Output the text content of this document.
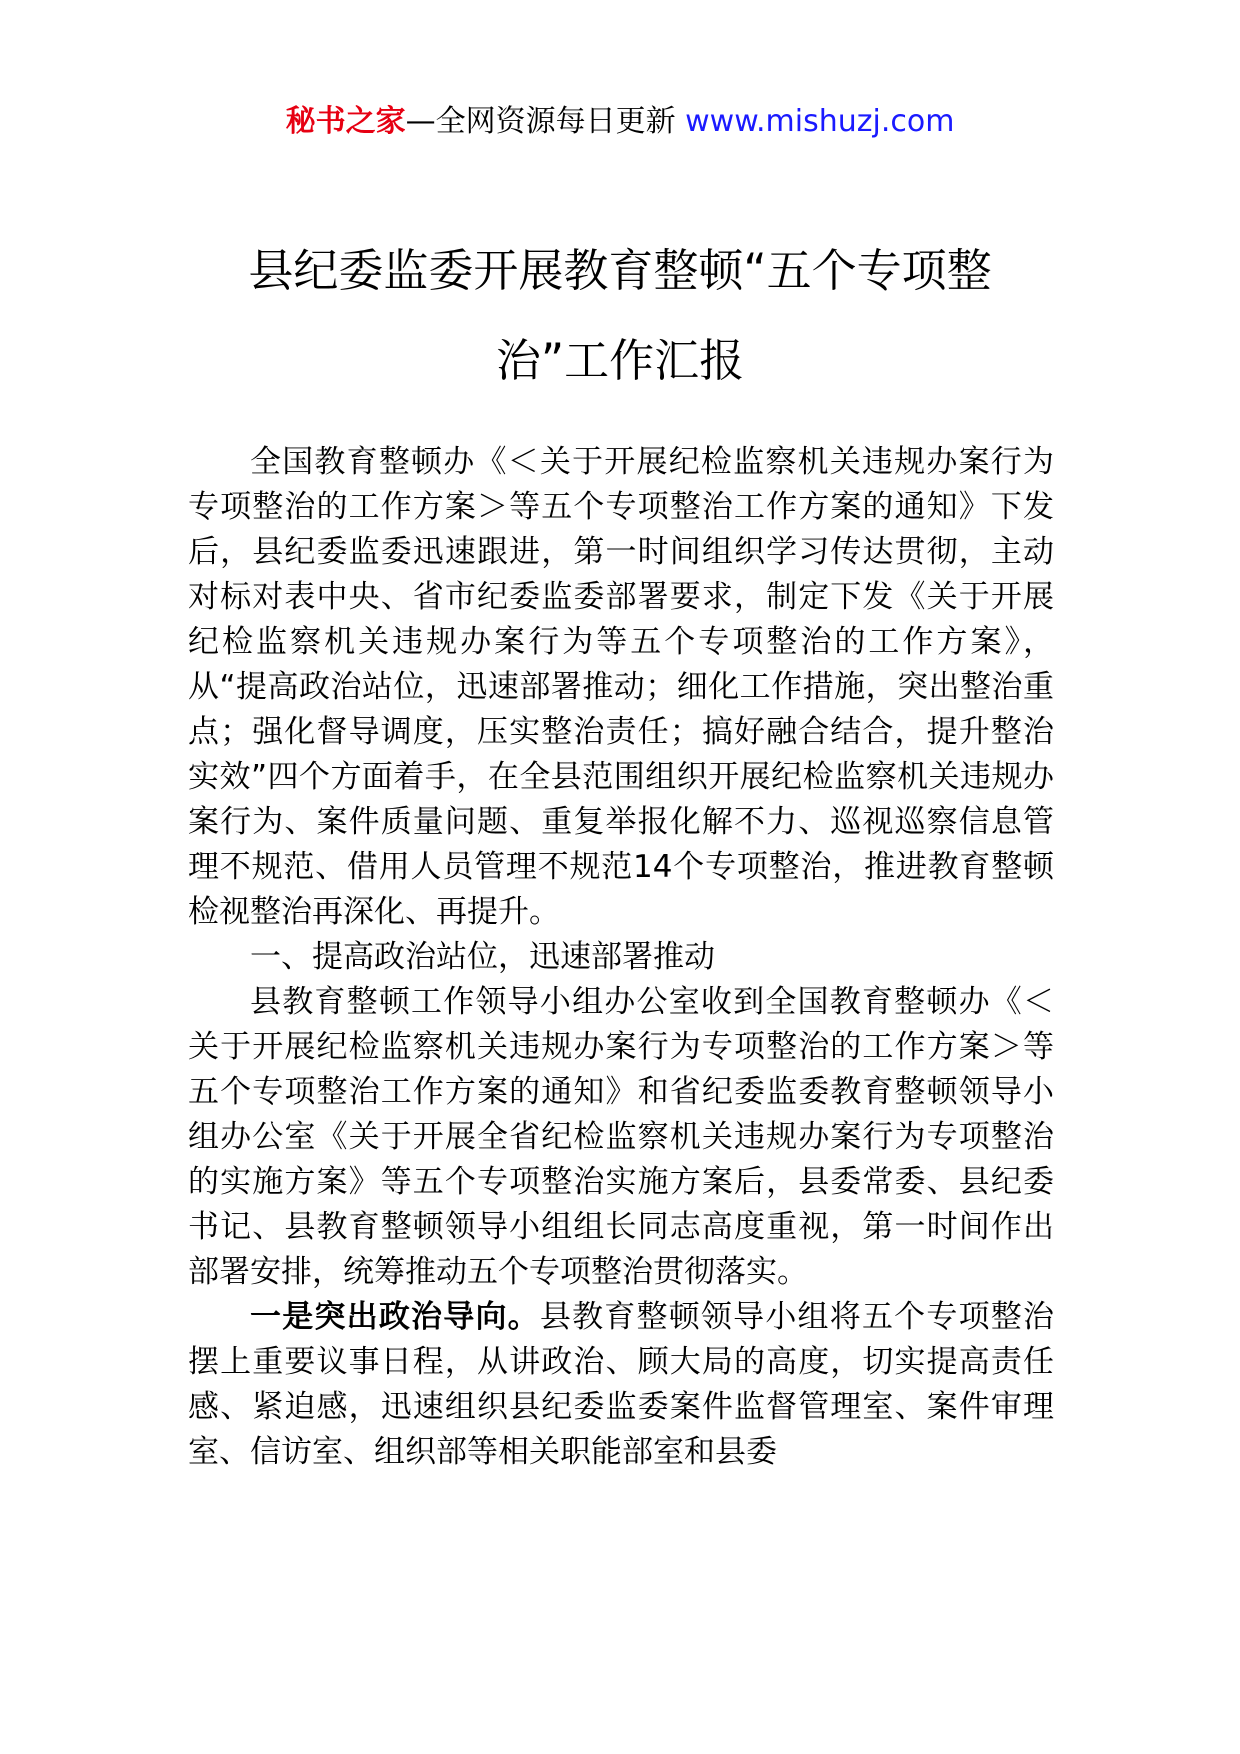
秘书之家—全网资源每日更新 www.mishuzj.com
县纪委监委开展教育整顿“五个专项整
治”工作汇报

全国教育整顿办《＜关于开展纪检监察机关违规办案行为专项整治的工作方案＞等五个专项整治工作方案的通知》下发后，县纪委监委迅速跟进，第一时间组织学习传达贯彻，主动对标对表中央、省市纪委监委部署要求，制定下发《关于开展纪检监察机关违规办案行为等五个专项整治的工作方案》，从“提高政治站位，迅速部署推动；细化工作措施，突出整治重点；强化督导调度，压实整治责任；搞好融合结合，提升整治实效”四个方面着手，在全县范围组织开展纪检监察机关违规办案行为、案件质量问题、重复举报化解不力、巡视巡察信息管理不规范、借用人员管理不规范14个专项整治，推进教育整顿检视整治再深化、再提升。

一、提高政治站位，迅速部署推动

县教育整顿工作领导小组办公室收到全国教育整顿办《＜关于开展纪检监察机关违规办案行为专项整治的工作方案＞等五个专项整治工作方案的通知》和省纪委监委教育整顿领导小组办公室《关于开展全省纪检监察机关违规办案行为专项整治的实施方案》等五个专项整治实施方案后，县委常委、县纪委书记、县教育整顿领导小组组长同志高度重视，第一时间作出部署安排，统筹推动五个专项整治贯彻落实。

一是突出政治导向。县教育整顿领导小组将五个专项整治摆上重要议事日程，从讲政治、顾大局的高度，切实提高责任感、紧迫感，迅速组织县纪委监委案件监督管理室、案件审理室、信访室、组织部等相关职能部室和县委
